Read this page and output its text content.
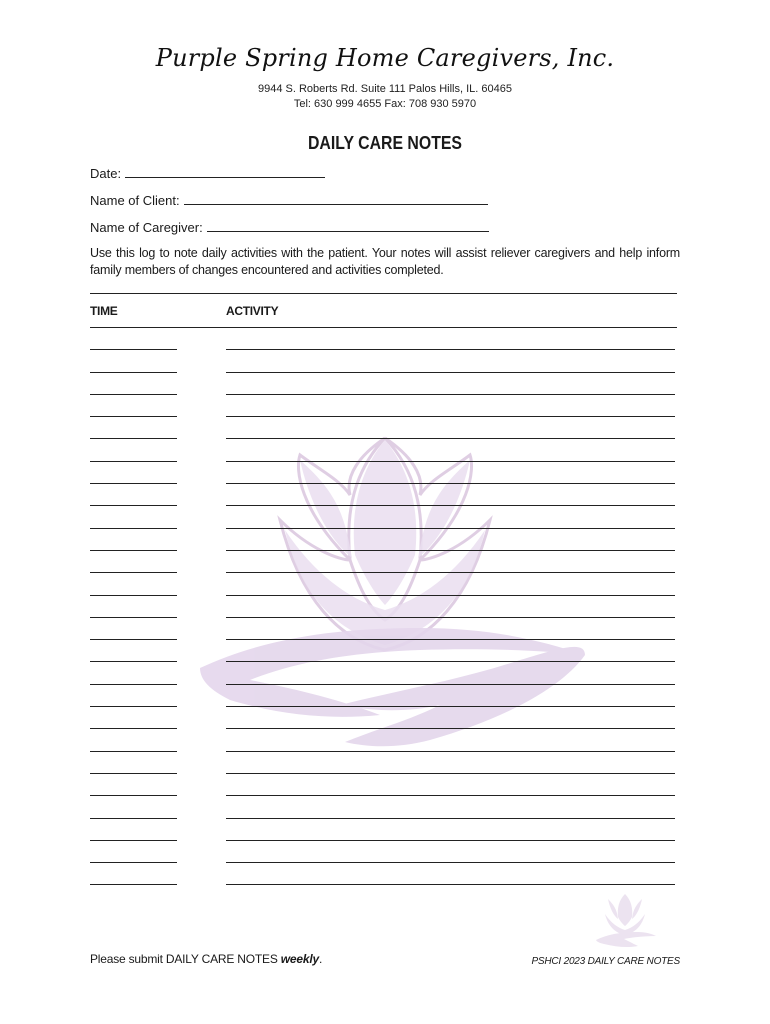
Purple Spring Home Caregivers, Inc.
9944 S. Roberts Rd. Suite 111 Palos Hills, IL. 60465
Tel: 630 999 4655 Fax: 708 930 5970
DAILY CARE NOTES
Date:
Name of Client:
Name of Caregiver:
Use this log to note daily activities with the patient. Your notes will assist reliever caregivers and help inform family members of changes encountered and activities completed.
TIME	ACTIVITY
Please submit DAILY CARE NOTES weekly.	PSHCI 2023 DAILY CARE NOTES
